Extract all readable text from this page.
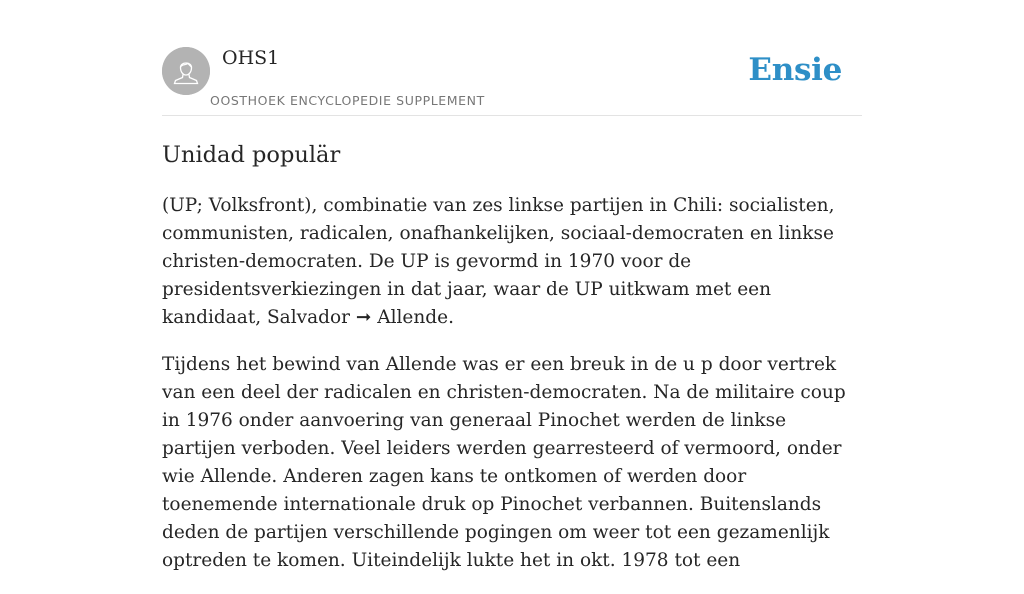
OHS1
OOSTHOEK ENCYCLOPEDIE SUPPLEMENT
Ensie
Unidad populär

(UP; Volksfront), combinatie van zes linkse partijen in Chili: socialisten, communisten, radicalen, onafhankelijken, sociaal-democraten en linkse christen-democraten. De UP is gevormd in 1970 voor de presidentsverkiezingen in dat jaar, waar de UP uitkwam met een kandidaat, Salvador ➞ Allende.

Tijdens het bewind van Allende was er een breuk in de u p door vertrek van een deel der radicalen en christen-democraten. Na de militaire coup in 1976 onder aanvoering van generaal Pinochet werden de linkse partijen verboden. Veel leiders werden gearresteerd of vermoord, onder wie Allende. Anderen zagen kans te ontkomen of werden door toenemende internationale druk op Pinochet verbannen. Buitenslands deden de partijen verschillende pogingen om weer tot een gezamenlijk optreden te komen. Uiteindelijk lukte het in okt. 1978 tot een
